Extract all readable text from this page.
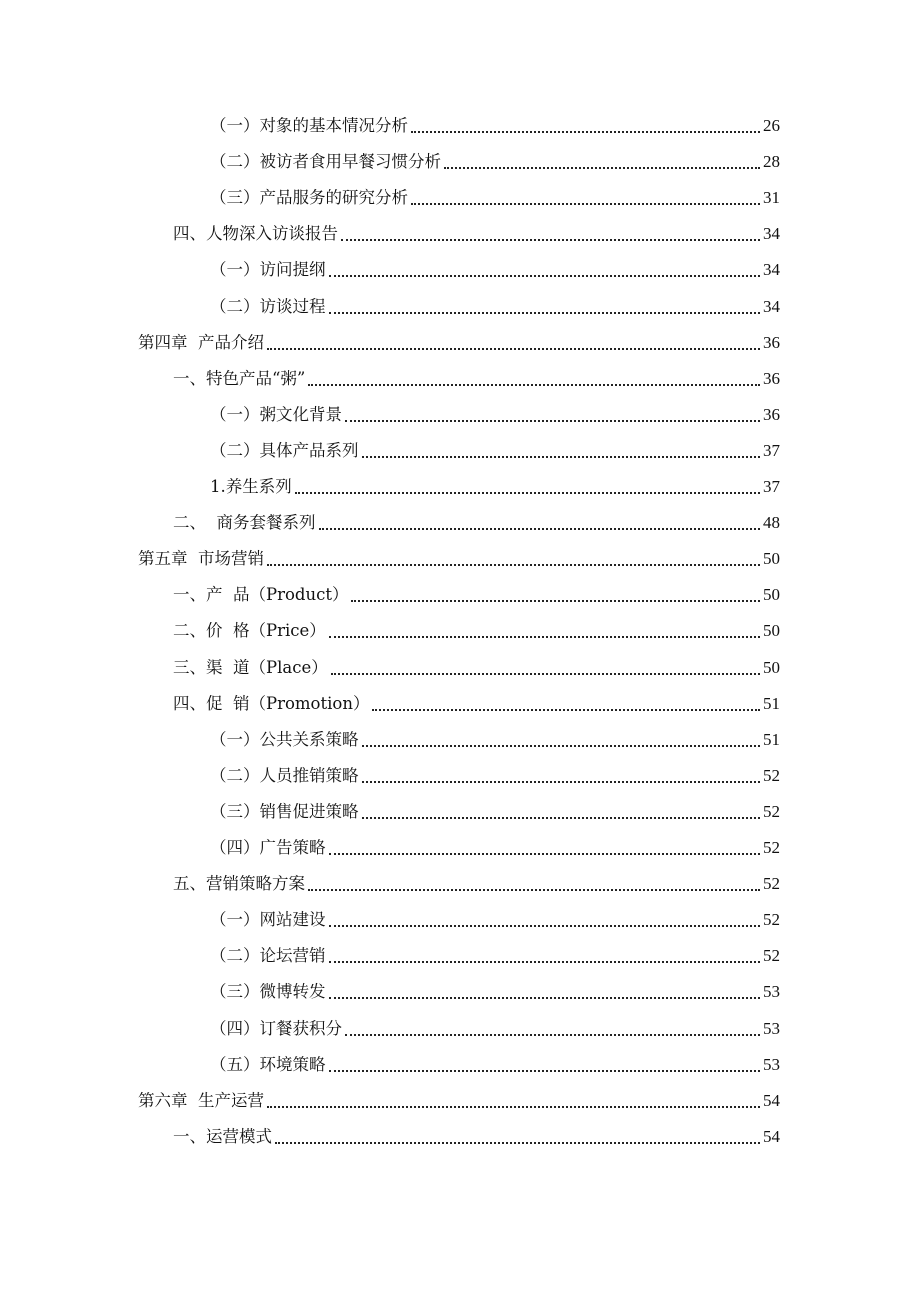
（一）对象的基本情况分析	26
（二）被访者食用早餐习惯分析	28
（三）产品服务的研究分析	31
四、人物深入访谈报告	34
（一）访问提纲	34
（二）访谈过程	34
第四章  产品介绍	36
一、特色产品“粥”	36
（一）粥文化背景	36
（二）具体产品系列	37
1.养生系列	37
二、  商务套餐系列	48
第五章  市场营销	50
一、产  品（Product）	50
二、价  格（Price）	50
三、渠  道（Place）	50
四、促  销（Promotion）	51
（一）公共关系策略	51
（二）人员推销策略	52
（三）销售促进策略	52
（四）广告策略	52
五、营销策略方案	52
（一）网站建设	52
（二）论坛营销	52
（三）微博转发	53
（四）订餐获积分	53
（五）环境策略	53
第六章  生产运营	54
一、运营模式	54
